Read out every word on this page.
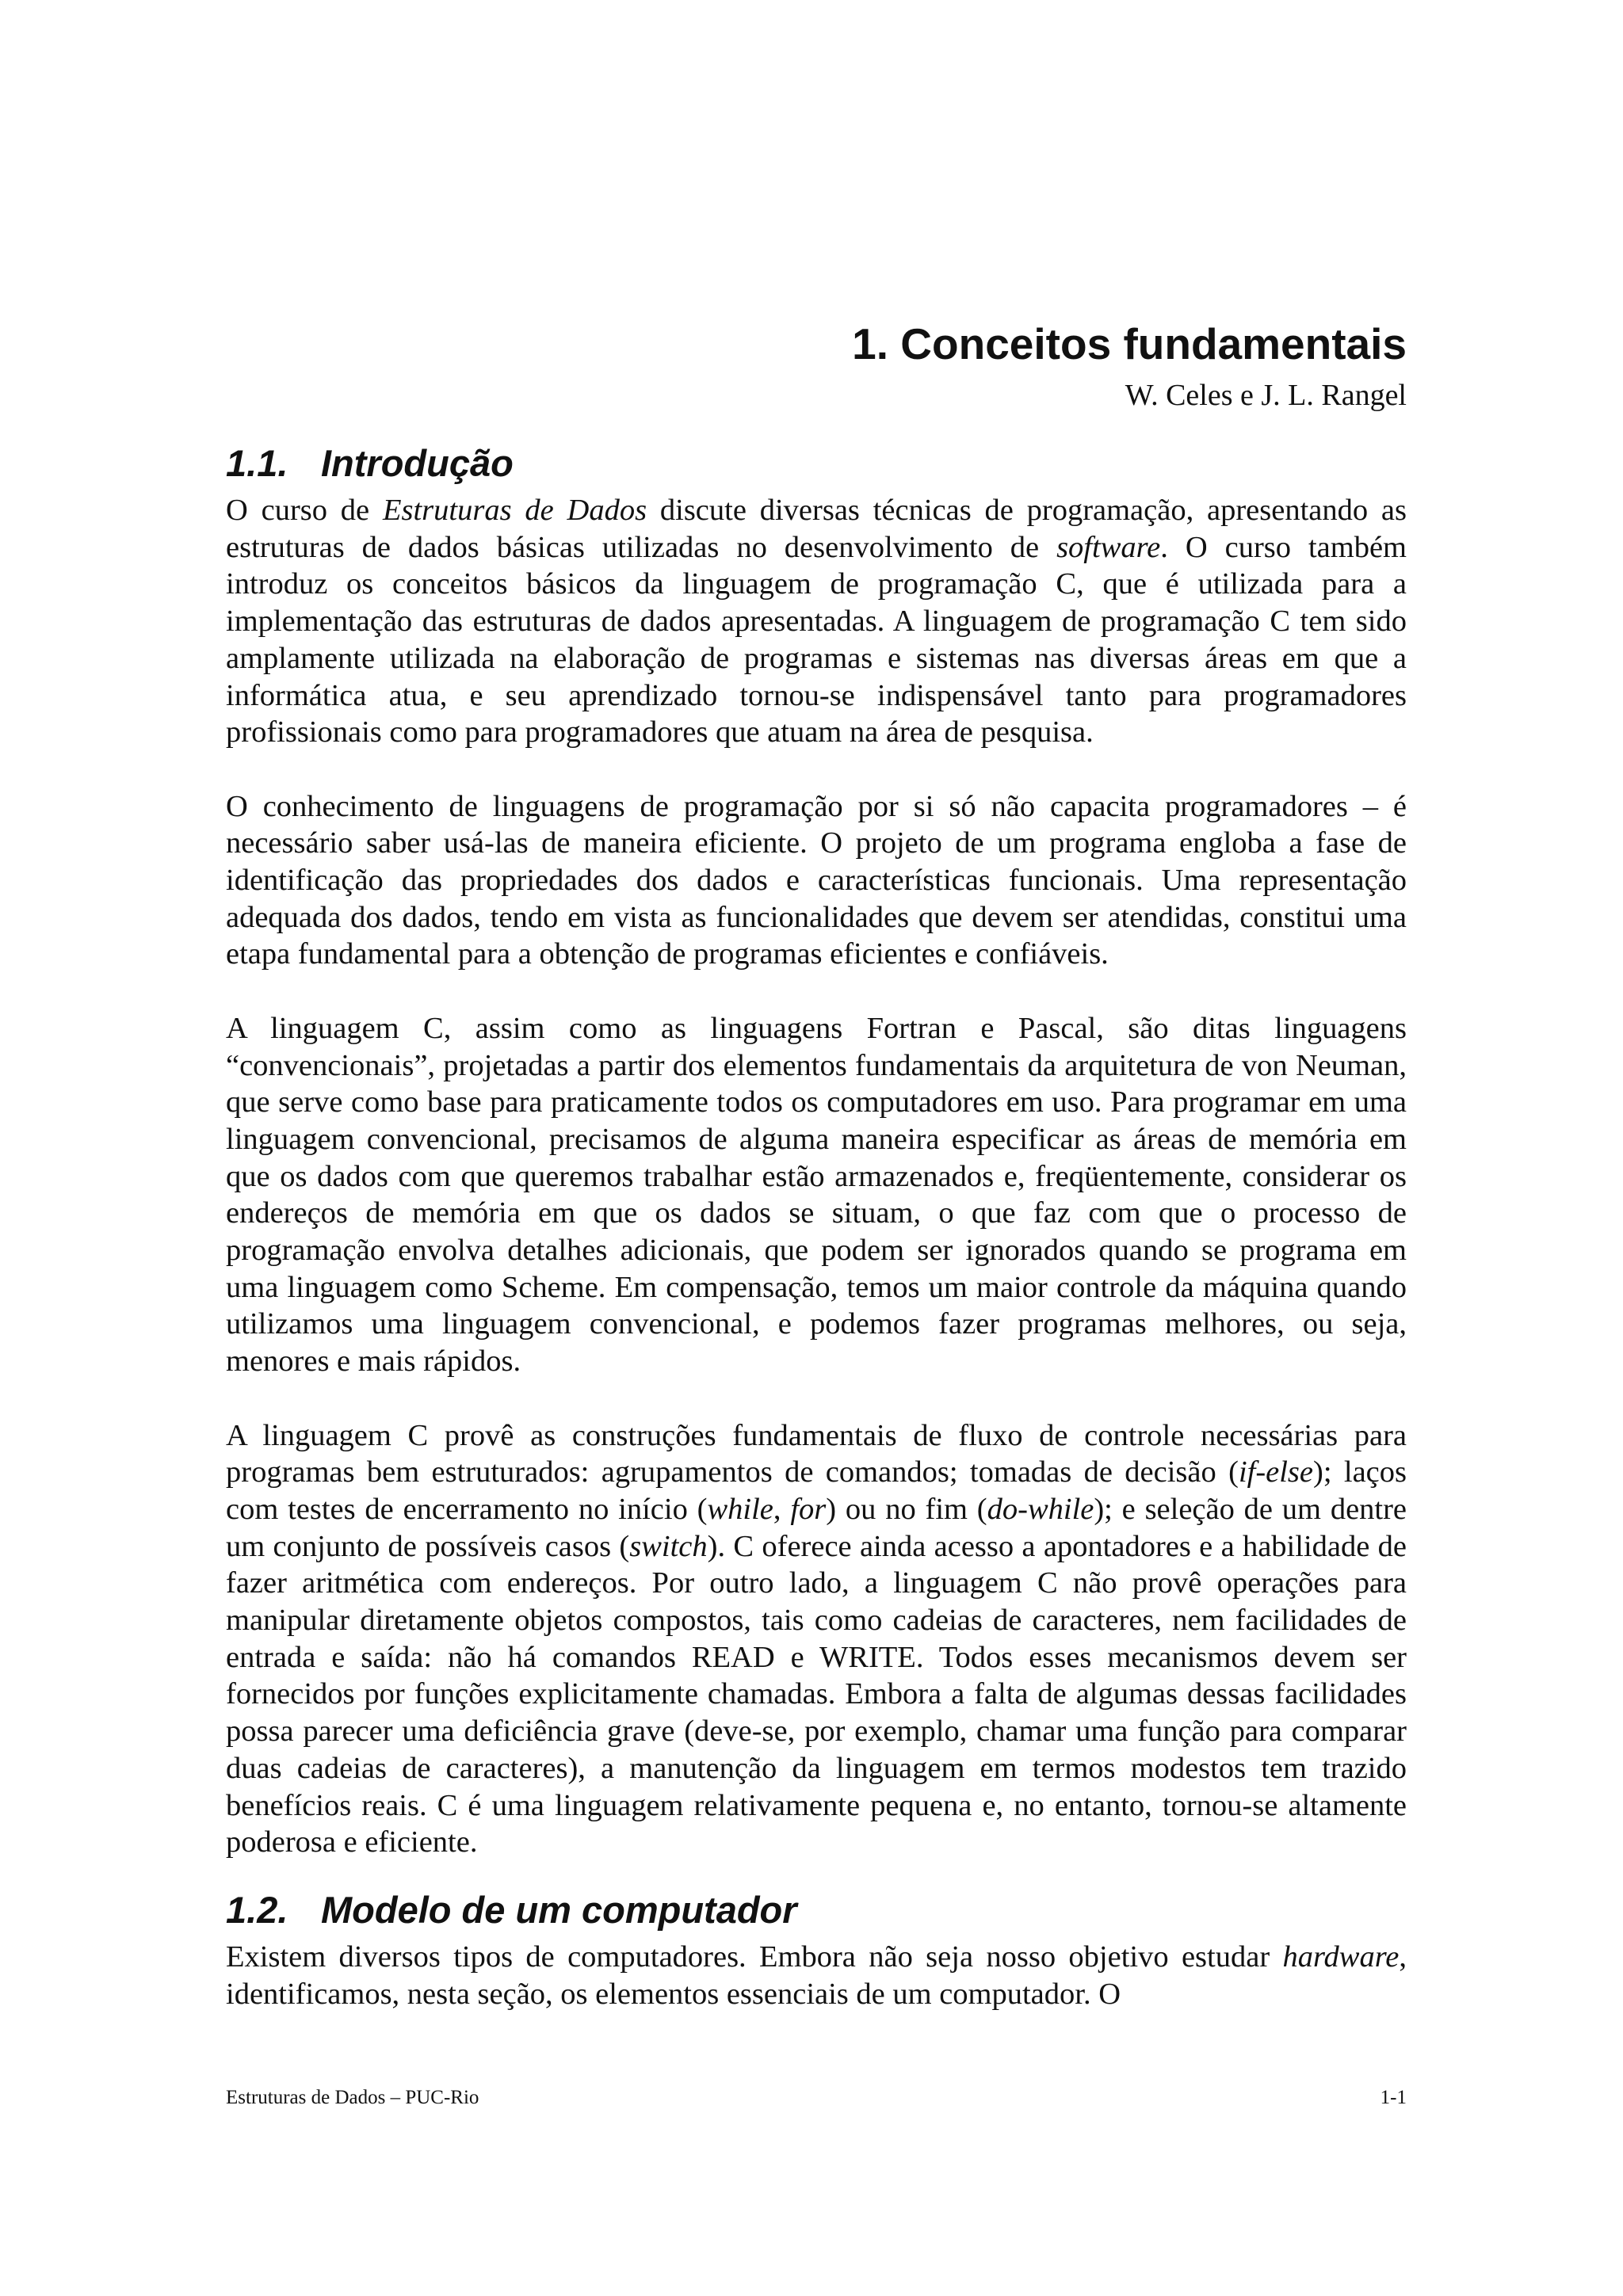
1. Conceitos fundamentais
W. Celes e J. L. Rangel
1.1. Introdução

O curso de Estruturas de Dados discute diversas técnicas de programação, apresentando as estruturas de dados básicas utilizadas no desenvolvimento de software. O curso também introduz os conceitos básicos da linguagem de programação C, que é utilizada para a implementação das estruturas de dados apresentadas. A linguagem de programação C tem sido amplamente utilizada na elaboração de programas e sistemas nas diversas áreas em que a informática atua, e seu aprendizado tornou-se indispensável tanto para programadores profissionais como para programadores que atuam na área de pesquisa.

O conhecimento de linguagens de programação por si só não capacita programadores – é necessário saber usá-las de maneira eficiente. O projeto de um programa engloba a fase de identificação das propriedades dos dados e características funcionais. Uma representação adequada dos dados, tendo em vista as funcionalidades que devem ser atendidas, constitui uma etapa fundamental para a obtenção de programas eficientes e confiáveis.

A linguagem C, assim como as linguagens Fortran e Pascal, são ditas linguagens “convencionais”, projetadas a partir dos elementos fundamentais da arquitetura de von Neuman, que serve como base para praticamente todos os computadores em uso. Para programar em uma linguagem convencional, precisamos de alguma maneira especificar as áreas de memória em que os dados com que queremos trabalhar estão armazenados e, freqüentemente, considerar os endereços de memória em que os dados se situam, o que faz com que o processo de programação envolva detalhes adicionais, que podem ser ignorados quando se programa em uma linguagem como Scheme. Em compensação, temos um maior controle da máquina quando utilizamos uma linguagem convencional, e podemos fazer programas melhores, ou seja, menores e mais rápidos.

A linguagem C provê as construções fundamentais de fluxo de controle necessárias para programas bem estruturados: agrupamentos de comandos; tomadas de decisão (if-else); laços com testes de encerramento no início (while, for) ou no fim (do-while); e seleção de um dentre um conjunto de possíveis casos (switch). C oferece ainda acesso a apontadores e a habilidade de fazer aritmética com endereços. Por outro lado, a linguagem C não provê operações para manipular diretamente objetos compostos, tais como cadeias de caracteres, nem facilidades de entrada e saída: não há comandos READ e WRITE. Todos esses mecanismos devem ser fornecidos por funções explicitamente chamadas. Embora a falta de algumas dessas facilidades possa parecer uma deficiência grave (deve-se, por exemplo, chamar uma função para comparar duas cadeias de caracteres), a manutenção da linguagem em termos modestos tem trazido benefícios reais. C é uma linguagem relativamente pequena e, no entanto, tornou-se altamente poderosa e eficiente.

1.2. Modelo de um computador

Existem diversos tipos de computadores. Embora não seja nosso objetivo estudar hardware, identificamos, nesta seção, os elementos essenciais de um computador. O

Estruturas de Dados – PUC-Rio	1-1
